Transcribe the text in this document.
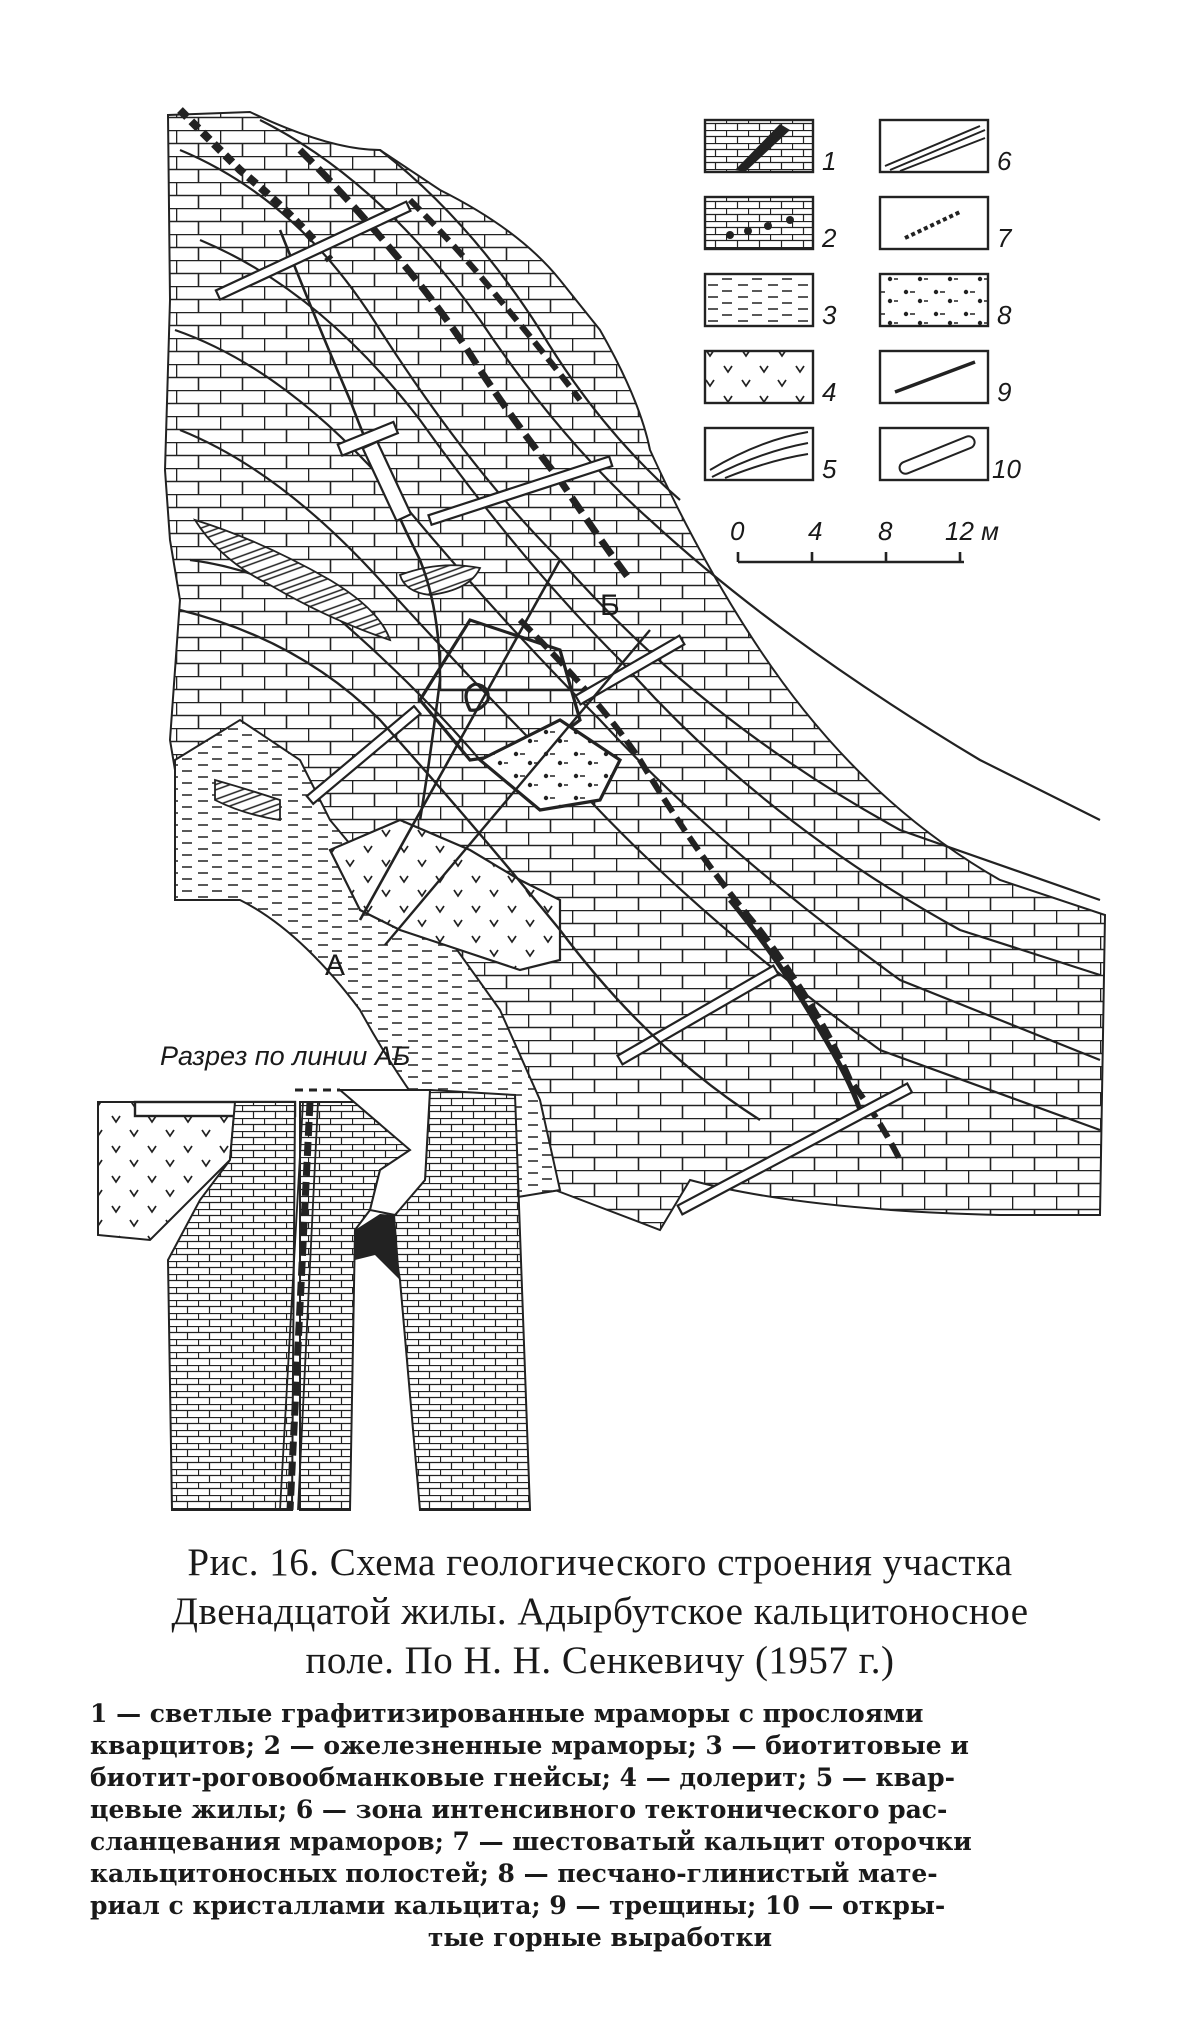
А
Б
1
2
3
4
5
6
7
8
9
10
0 4 8 12 м
Разрез по линии АБ
Рис. 16. Схема геологического строения участка
Двенадцатой жилы. Адырбутское кальцитоносное
поле. По Н. Н. Сенкевичу (1957 г.)
1 — светлые графитизированные мраморы с прослоями
кварцитов; 2 — ожелезненные мраморы; 3 — биотитовые и
биотит-роговообманковые гнейсы; 4 — долерит; 5 — квар-
цевые жилы; 6 — зона интенсивного тектонического рас-
сланцевания мраморов; 7 — шестоватый кальцит оторочки
кальцитоносных полостей; 8 — песчано-глинистый мате-
риал с кристаллами кальцита; 9 — трещины; 10 — откры-
тые горные выработки
